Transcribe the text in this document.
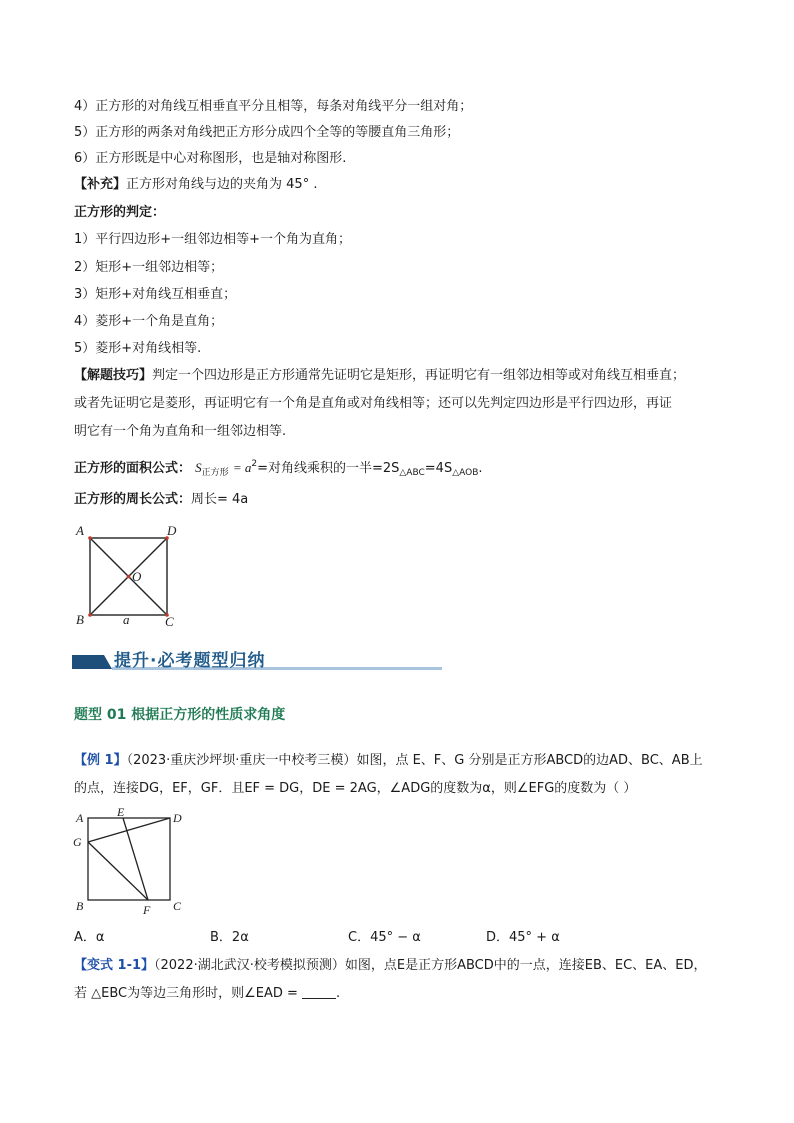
4）正方形的对角线互相垂直平分且相等，每条对角线平分一组对角；
5）正方形的两条对角线把正方形分成四个全等的等腰直角三角形；
6）正方形既是中心对称图形，也是轴对称图形.
【补充】正方形对角线与边的夹角为 45° .
正方形的判定：
1）平行四边形+一组邻边相等+一个角为直角；
2）矩形+一组邻边相等；
3）矩形+对角线互相垂直；
4）菱形+一个角是直角；
5）菱形+对角线相等.
【解题技巧】判定一个四边形是正方形通常先证明它是矩形，再证明它有一组邻边相等或对角线互相垂直；
或者先证明它是菱形，再证明它有一个角是直角或对角线相等；还可以先判定四边形是平行四边形，再证
明它有一个角为直角和一组邻边相等.
正方形的面积公式： $S_{正方形} = a^2=$对角线乘积的一半$=2S_{\triangle ABC}=4S_{\triangle AOB}$.
正方形的周长公式：周长= 4a
A	D
B	C
O
a
提升·必考题型归纳
题型 01 根据正方形的性质求角度
【例 1】（2023·重庆沙坪坝·重庆一中校考三模）如图，点 E、F、G 分别是正方形ABCD的边AD、BC、AB上
的点，连接DG，EF，GF．且EF = DG，DE = 2AG，∠ADG的度数为α，则∠EFG的度数为（ ）
A	E	D
G
B	F C
A．α	B．2α	C．45° − α	D．45° + α
【变式 1-1】（2022·湖北武汉·校考模拟预测）如图，点E是正方形ABCD中的一点，连接EB、EC、EA、ED，
若 △EBC为等边三角形时，则∠EAD =	.
